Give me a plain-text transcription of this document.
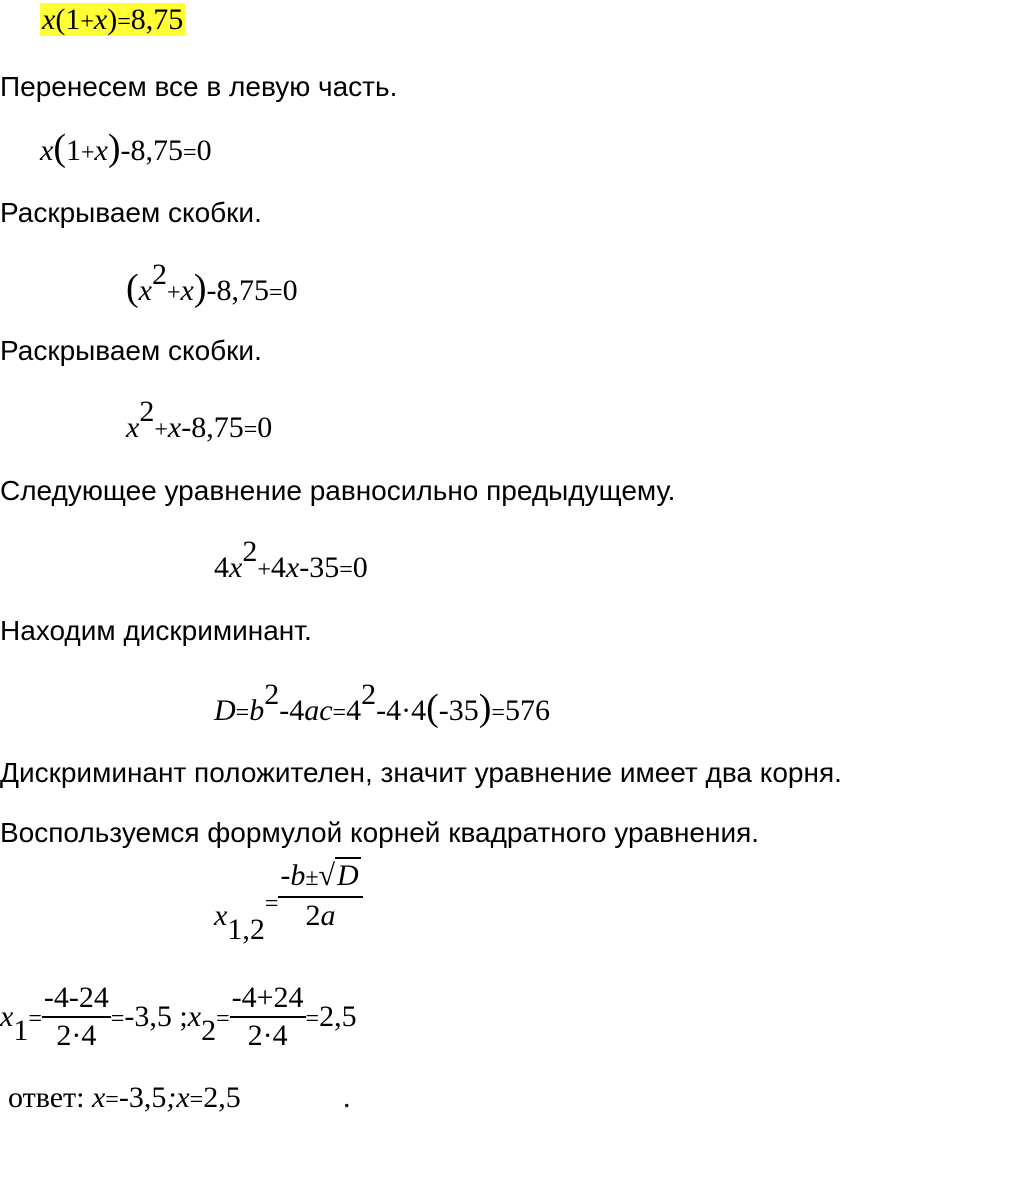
x(1+x)=8,75
Перенесем все в левую часть.
x(1+x)-8,75=0
Раскрываем скобки.
(x2+x)-8,75=0
Раскрываем скобки.
x2+x-8,75=0
Следующее уравнение равносильно предыдущему.
4x2+4x-35=0
Находим дискриминант.
D=b2-4ac=42-4·4(-35)=576
Дискриминант положителен, значит уравнение имеет два корня.
Воспользуемся формулой корней квадратного уравнения.
$x1,2^= \frac{-b\pm√D}{2a}$
$x1= \frac{-4-24}{2\cdot 4} =-3,5$ ;x2= $\frac{-4+24}{2\cdot 4} =2,5$
ответ: x=-3,5;x=2,5	.
